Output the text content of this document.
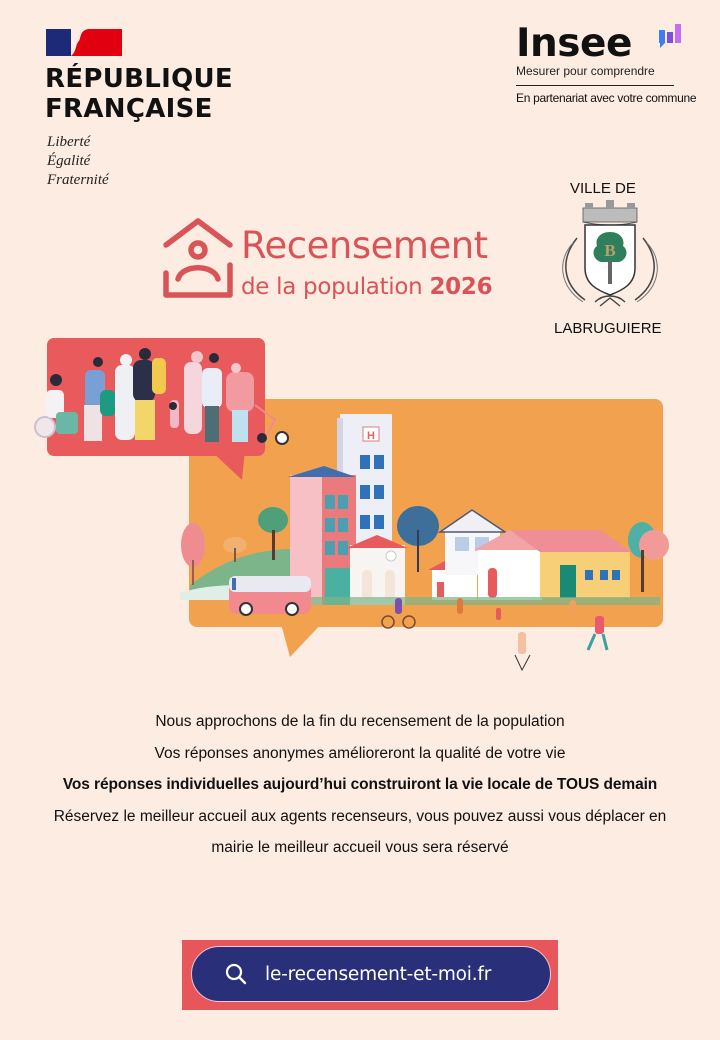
RÉPUBLIQUE
FRANÇAISE
Liberté
Égalité
Fraternité
Insee
Mesurer pour comprendre
En partenariat avec votre commune
VILLE DE
B
LABRUGUIERE
Recensement
de la population 2026
H

Nous approchons de la fin du recensement de la population

Vos réponses anonymes amélioreront la qualité de votre vie

Vos réponses individuelles aujourd’hui construiront la vie locale de TOUS demain

Réservez le meilleur accueil aux agents recenseurs, vous pouvez aussi vous déplacer en

mairie le meilleur accueil vous sera réservé

le-recensement-et-moi.fr
